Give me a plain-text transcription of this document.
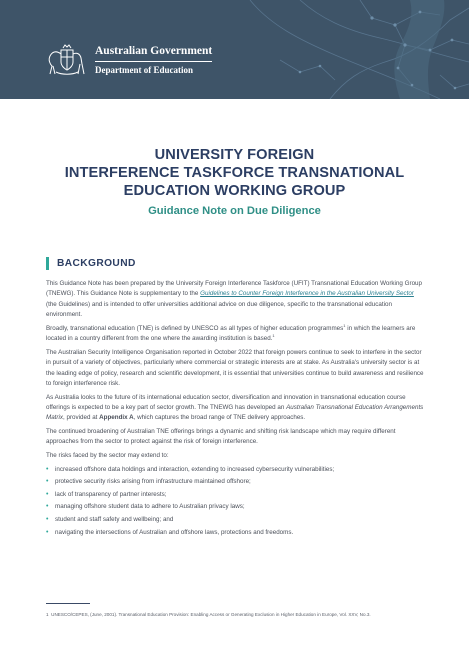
Australian Government
Department of Education
UNIVERSITY FOREIGN
INTERFERENCE TASKFORCE TRANSNATIONAL
EDUCATION WORKING GROUP
Guidance Note on Due Diligence
BACKGROUND

This Guidance Note has been prepared by the University Foreign Interference Taskforce (UFIT) Transnational Education Working Group (TNEWG). This Guidance Note is supplementary to the Guidelines to Counter Foreign Interference in the Australian University Sector (the Guidelines) and is intended to offer universities additional advice on due diligence, specific to the transnational education environment.

Broadly, transnational education (TNE) is defined by UNESCO as all types of higher education programmes$^1$ in which the learners are located in a country different from the one where the awarding institution is based.$^1$

The Australian Security Intelligence Organisation reported in October 2022 that foreign powers continue to seek to interfere in the sector in pursuit of a variety of objectives, particularly where commercial or strategic interests are at stake. As Australia's university sector is at the leading edge of policy, research and scientific development, it is essential that universities continue to build awareness and resilience to foreign interference risk.

As Australia looks to the future of its international education sector, diversification and innovation in transnational education course offerings is expected to be a key part of sector growth. The TNEWG has developed an Australian Transnational Education Arrangements Matrix, provided at Appendix A, which captures the broad range of TNE delivery approaches.

The continued broadening of Australian TNE offerings brings a dynamic and shifting risk landscape which may require different approaches from the sector to protect against the risk of foreign interference.

The risks faced by the sector may extend to:

• increased offshore data holdings and interaction, extending to increased cybersecurity vulnerabilities;
• protective security risks arising from infrastructure maintained offshore;
• lack of transparency of partner interests;
• managing offshore student data to adhere to Australian privacy laws;
• student and staff safety and wellbeing; and
• navigating the intersections of Australian and offshore laws, protections and freedoms.
1 UNESCO/CEPES, (June, 2001). Transnational Education Provision: Enabling Access or Generating Exclusion in Higher Education in Europe, Vol. XXV, No.3.
